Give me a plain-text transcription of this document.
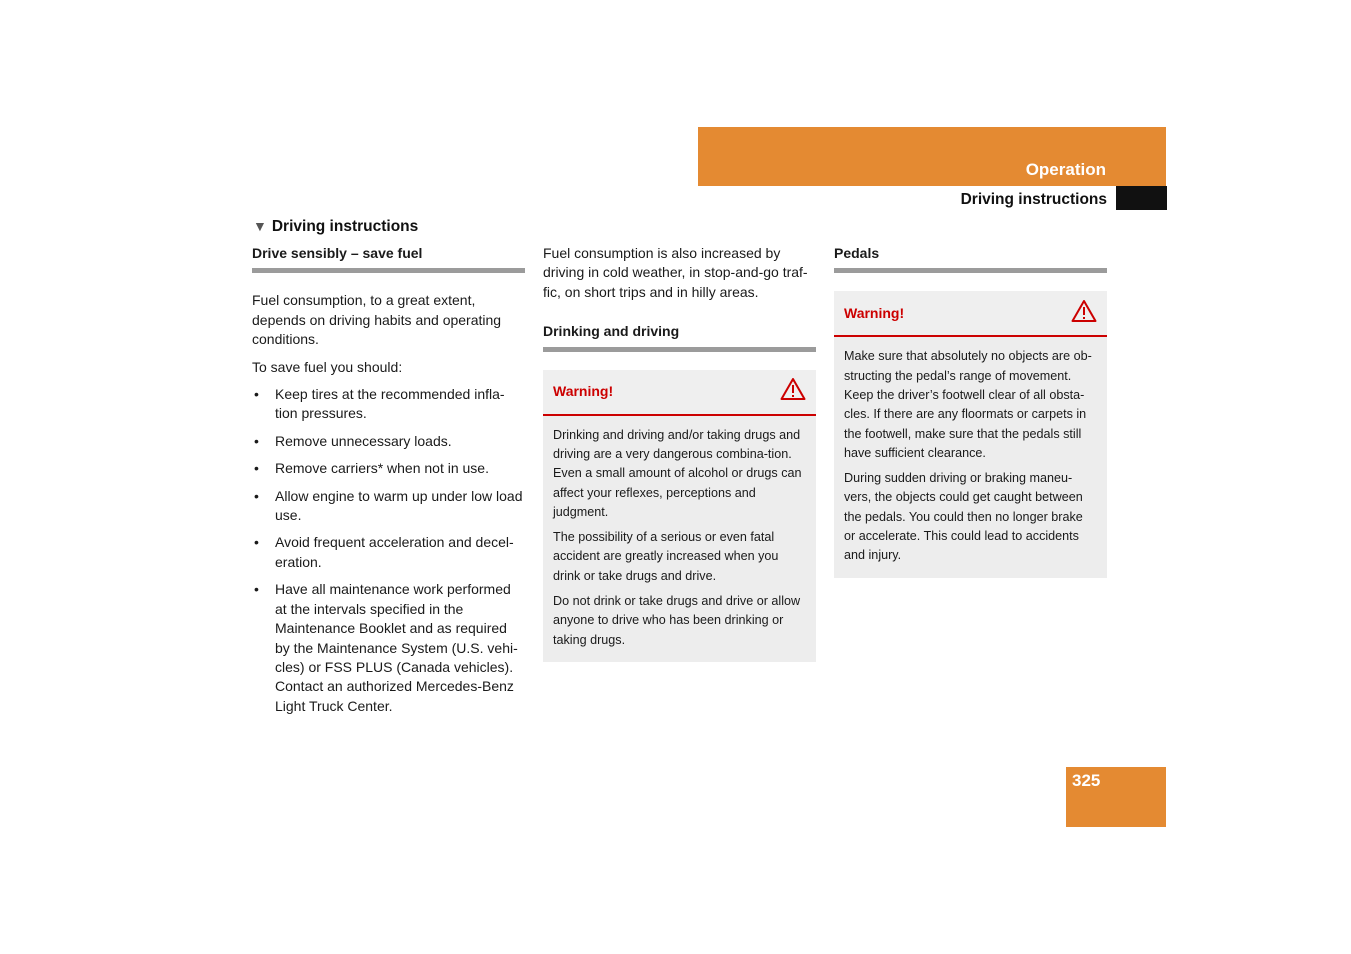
Operation
Driving instructions
▼ Driving instructions
Drive sensibly – save fuel

Fuel consumption, to a great extent, depends on driving habits and operating conditions.

To save fuel you should:

• Keep tires at the recommended infla-tion pressures.
• Remove unnecessary loads.
• Remove carriers* when not in use.
• Allow engine to warm up under low load use.
• Avoid frequent acceleration and decel-eration.
• Have all maintenance work performed at the intervals specified in the Maintenance Booklet and as required by the Maintenance System (U.S. vehi-cles) or FSS PLUS (Canada vehicles). Contact an authorized Mercedes-Benz Light Truck Center.

Fuel consumption is also increased by driving in cold weather, in stop-and-go traf-fic, on short trips and in hilly areas.

Drinking and driving
Warning!

Drinking and driving and/or taking drugs and driving are a very dangerous combina-tion. Even a small amount of alcohol or drugs can affect your reflexes, perceptions and judgment.

The possibility of a serious or even fatal accident are greatly increased when you drink or take drugs and drive.

Do not drink or take drugs and drive or allow anyone to drive who has been drinking or taking drugs.

Pedals
Warning!

Make sure that absolutely no objects are ob-structing the pedal’s range of movement. Keep the driver’s footwell clear of all obsta-cles. If there are any floormats or carpets in the footwell, make sure that the pedals still have sufficient clearance.

During sudden driving or braking maneu-vers, the objects could get caught between the pedals. You could then no longer brake or accelerate. This could lead to accidents and injury.

325
